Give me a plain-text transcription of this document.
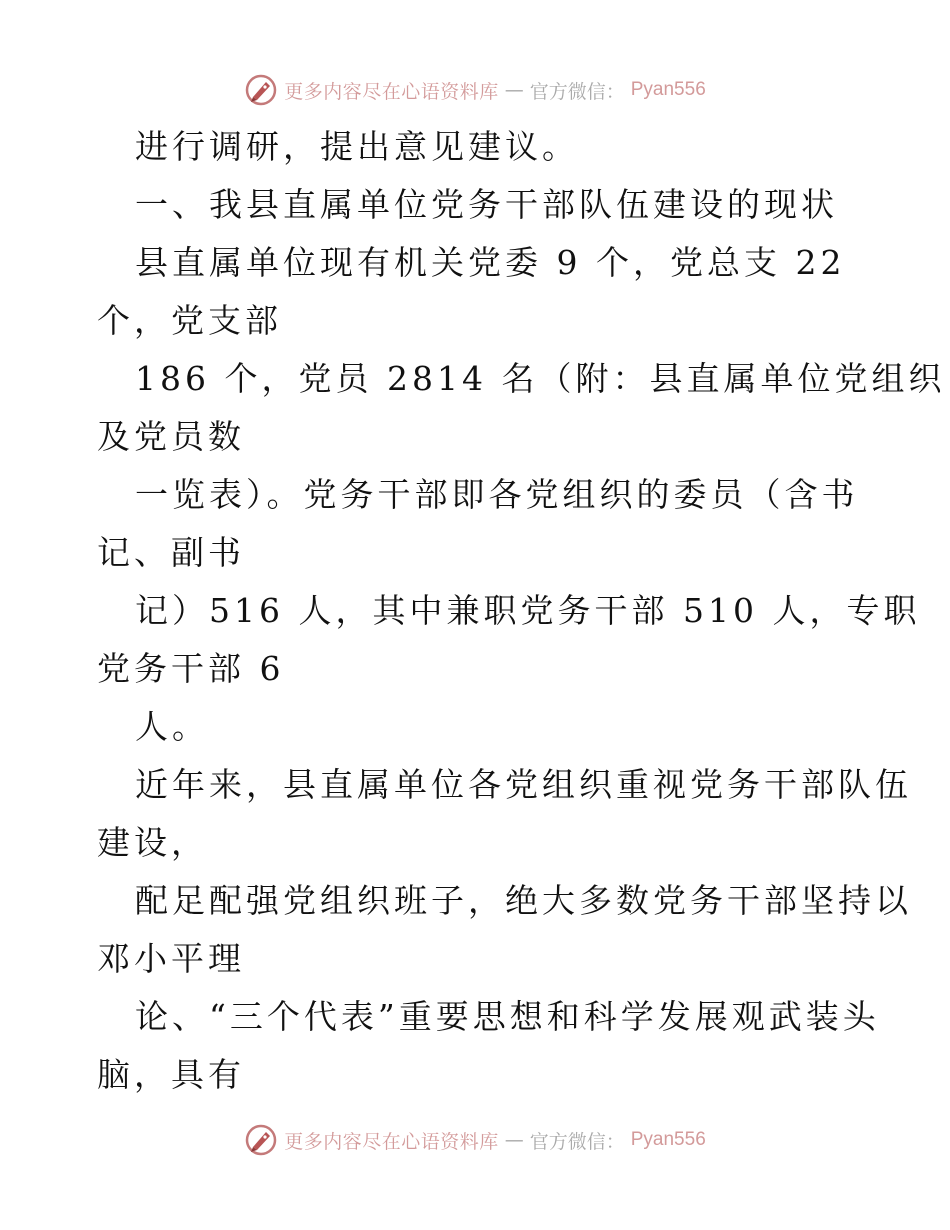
更多内容尽在心语资料库 — 官方微信： Pyan556
进行调研，提出意见建议。
一、我县直属单位党务干部队伍建设的现状
县直属单位现有机关党委 9 个，党总支 22
个，党支部
186 个，党员 2814 名（附：县直属单位党组织
及党员数
一览表）。党务干部即各党组织的委员（含书
记、副书
记）516 人，其中兼职党务干部 510 人，专职
党务干部 6
人。
近年来，县直属单位各党组织重视党务干部队伍
建设，
配足配强党组织班子，绝大多数党务干部坚持以
邓小平理
论、“三个代表”重要思想和科学发展观武装头
脑，具有
更多内容尽在心语资料库 — 官方微信： Pyan556
